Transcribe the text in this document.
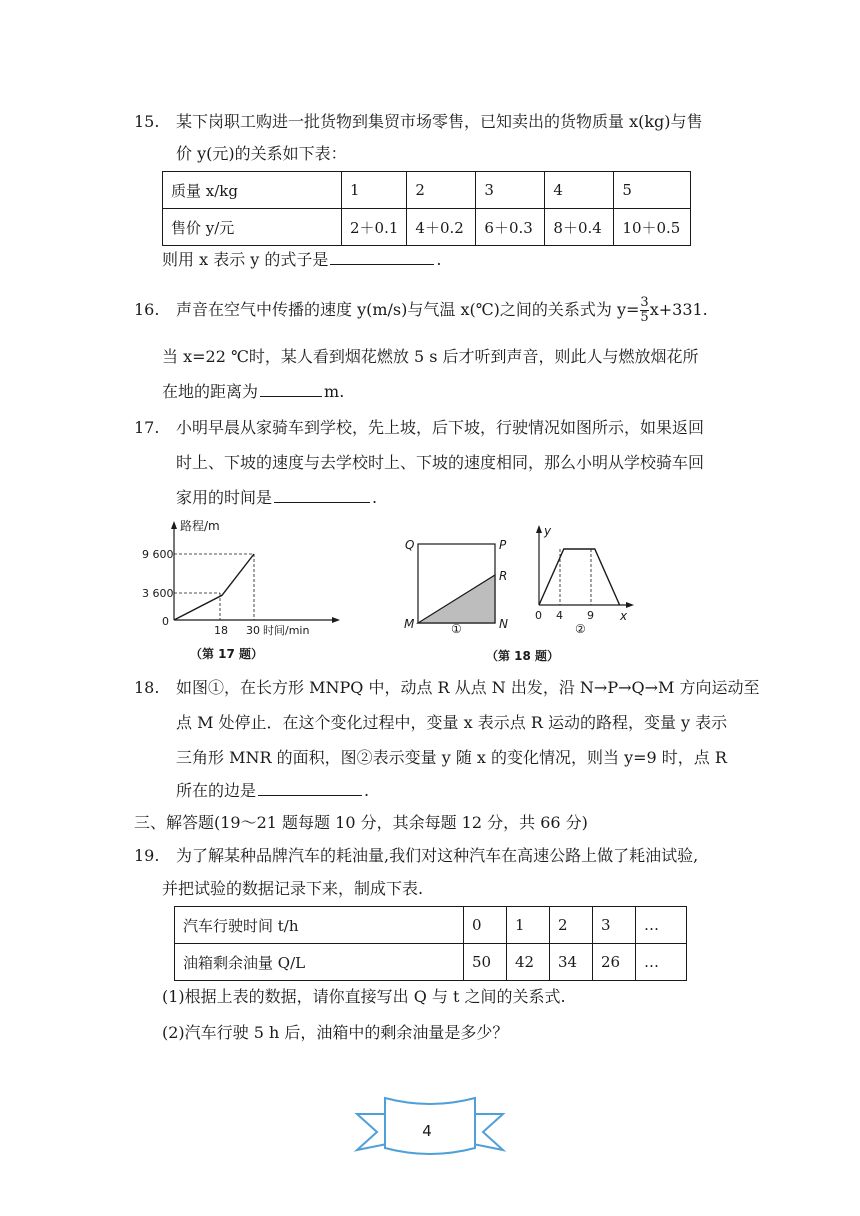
15. 某下岗职工购进一批货物到集贸市场零售，已知卖出的货物质量 x(kg)与售
价 y(元)的关系如下表：
质量 x/kg	1	2	3	4	5
售价 y/元	2＋0.1	4＋0.2	6＋0.3	8＋0.4	10＋0.5
则用 x 表示 y 的式子是	.
16. 声音在空气中传播的速度 y(m/s)与气温 x(℃)之间的关系式为 $y= \frac{3}{5} x+331$.
当 x=22 ℃时，某人看到烟花燃放 5 s 后才听到声音，则此人与燃放烟花所
在地的距离为	m.
17. 小明早晨从家骑车到学校，先上坡，后下坡，行驶情况如图所示，如果返回
时上、下坡的速度与去学校时上、下坡的速度相同，那么小明从学校骑车回
家用的时间是	.
路程/m
0
9 600
3 600
18 30 时间/min
（第 17 题）
Q	P
R
M	N
①
y
x
0 4 9
②
（第 18 题）
18. 如图①，在长方形 MNPQ 中，动点 R 从点 N 出发，沿 N→P→Q→M 方向运动至
点 M 处停止．在这个变化过程中，变量 x 表示点 R 运动的路程，变量 y 表示
三角形 MNR 的面积，图②表示变量 y 随 x 的变化情况，则当 y=9 时，点 R
所在的边是	.
三、解答题(19～21 题每题 10 分，其余每题 12 分，共 66 分)
19. 为了解某种品牌汽车的耗油量,我们对这种汽车在高速公路上做了耗油试验,
并把试验的数据记录下来，制成下表.
汽车行驶时间 t/h	0	1	2	3	…
油箱剩余油量 Q/L	50	42	34	26	…
(1)根据上表的数据，请你直接写出 Q 与 t 之间的关系式.
(2)汽车行驶 5 h 后，油箱中的剩余油量是多少？
4
